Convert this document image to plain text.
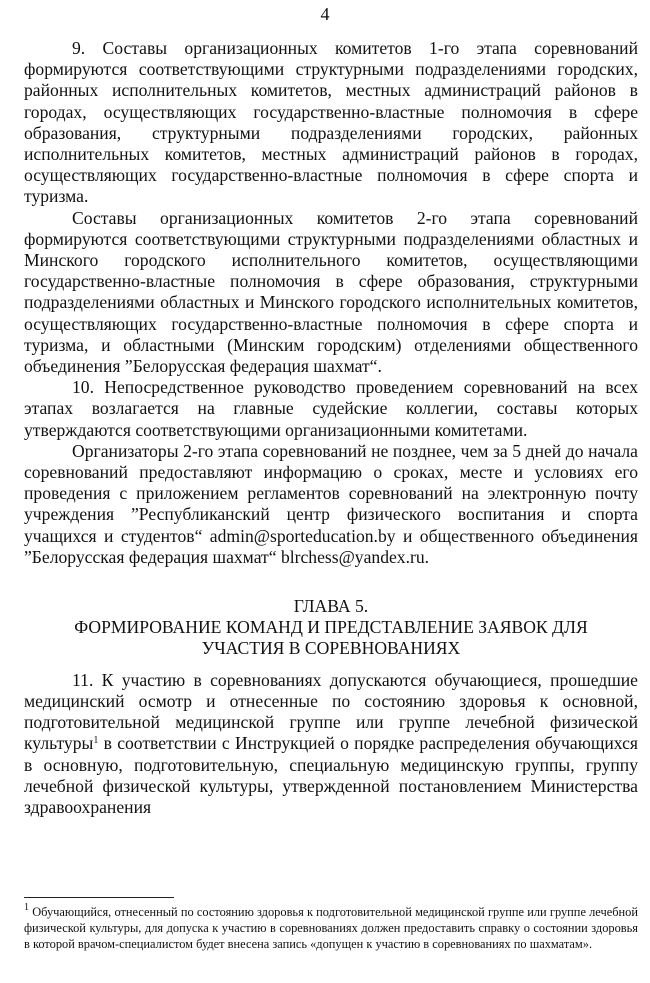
4

9. Составы организационных комитетов 1-го этапа соревнований формируются соответствующими структурными подразделениями городских, районных исполнительных комитетов, местных администраций районов в городах, осуществляющих государственно-властные полномочия в сфере образования, структурными подразделениями городских, районных исполнительных комитетов, местных администраций районов в городах, осуществляющих государственно-властные полномочия в сфере спорта и туризма.

Составы организационных комитетов 2-го этапа соревнований формируются соответствующими структурными подразделениями областных и Минского городского исполнительного комитетов, осуществляющими государственно-властные полномочия в сфере образования, структурными подразделениями областных и Минского городского исполнительных комитетов, осуществляющих государственно-властные полномочия в сфере спорта и туризма, и областными (Минским городским) отделениями общественного объединения ”Белорусская федерация шахмат“.

10. Непосредственное руководство проведением соревнований на всех этапах возлагается на главные судейские коллегии, составы которых утверждаются соответствующими организационными комитетами.

Организаторы 2-го этапа соревнований не позднее, чем за 5 дней до начала соревнований предоставляют информацию о сроках, месте и условиях его проведения с приложением регламентов соревнований на электронную почту учреждения ”Республиканский центр физического воспитания и спорта учащихся и студентов“ admin@sporteducation.by и общественного объединения ”Белорусская федерация шахмат“ blrchess@yandex.ru.

ГЛАВА 5.
ФОРМИРОВАНИЕ КОМАНД И ПРЕДСТАВЛЕНИЕ ЗАЯВОК ДЛЯ
УЧАСТИЯ В СОРЕВНОВАНИЯХ

11. К участию в соревнованиях допускаются обучающиеся, прошедшие медицинский осмотр и отнесенные по состоянию здоровья к основной, подготовительной медицинской группе или группе лечебной физической культуры$^1$ в соответствии с Инструкцией о порядке распределения обучающихся в основную, подготовительную, специальную медицинскую группы, группу лечебной физической культуры, утвержденной постановлением Министерства здравоохранения

$^1$ Обучающийся, отнесенный по состоянию здоровья к подготовительной медицинской группе или группе лечебной физической культуры, для допуска к участию в соревнованиях должен предоставить справку о состоянии здоровья в которой врачом-специалистом будет внесена запись «допущен к участию в соревнованиях по шахматам».
